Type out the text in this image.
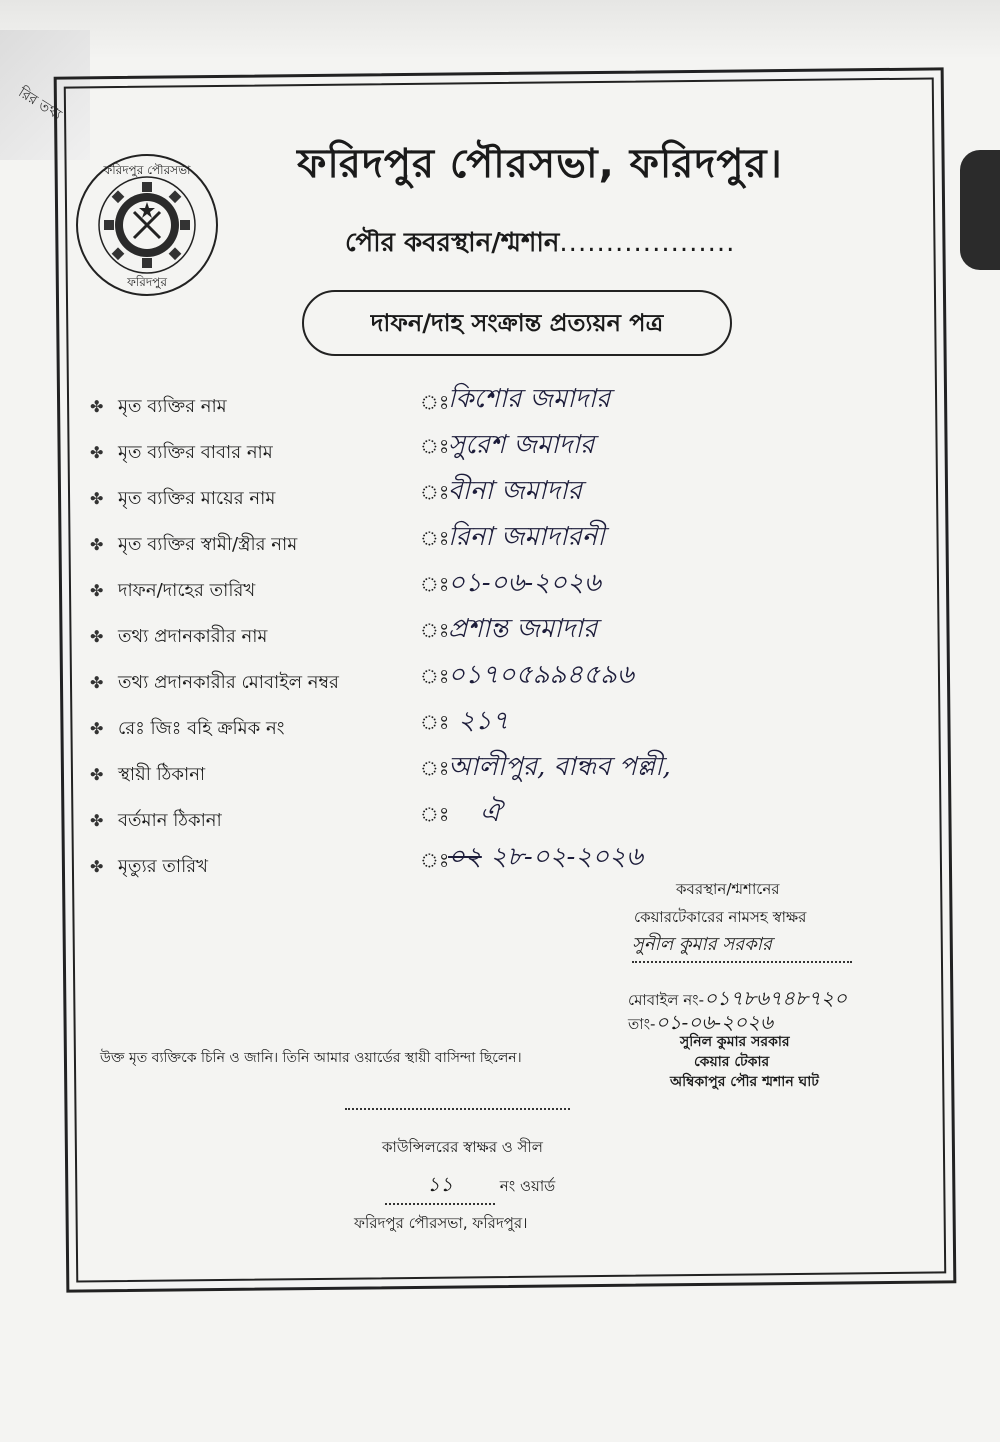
রির তথ্য
ফরিদপুর পৌরসভা
ফরিদপুর
ফরিদপুর পৌরসভা, ফরিদপুর।
পৌর কবরস্থান/শ্মশান...................
দাফন/দাহ সংক্রান্ত প্রত্যয়ন পত্র
✤ মৃত ব্যক্তির নাম	ঃ
কিশোর জমাদার
✤ মৃত ব্যক্তির বাবার নাম	ঃ
সুরেশ জমাদার
✤ মৃত ব্যক্তির মায়ের নাম	ঃ
বীনা জমাদার
✤ মৃত ব্যক্তির স্বামী/স্ত্রীর নাম	ঃ
রিনা জমাদারনী
✤ দাফন/দাহের তারিখ	ঃ
০১-০৬-২০২৬
✤ তথ্য প্রদানকারীর নাম	ঃ
প্রশান্ত জমাদার
✤ তথ্য প্রদানকারীর মোবাইল নম্বর	ঃ
০১৭০৫৯৯৪৫৯৬
✤ রেঃ জিঃ বহি ক্রমিক নং	ঃ ২১৭
✤ স্থায়ী ঠিকানা	ঃ
আলীপুর, বান্ধব পল্লী,
✤ বর্তমান ঠিকানা	ঃ ঐ
✤ মৃত্যুর তারিখ	ঃ
০২ ২৮-০২-২০২৬
কবরস্থান/শ্মশানের
কেয়ারটেকারের নামসহ স্বাক্ষর
সুনীল কুমার সরকার
মোবাইল নং-০১৭৮৬৭৪৮৭২০
তাং-০১-০৬-২০২৬
সুনিল কুমার সরকার
কেয়ার টেকার
অম্বিকাপুর পৌর শ্মশান ঘাট
উক্ত মৃত ব্যক্তিকে চিনি ও জানি। তিনি আমার ওয়ার্ডের স্থায়ী বাসিন্দা ছিলেন।
কাউন্সিলরের স্বাক্ষর ও সীল
১১	নং ওয়ার্ড
ফরিদপুর পৌরসভা, ফরিদপুর।
